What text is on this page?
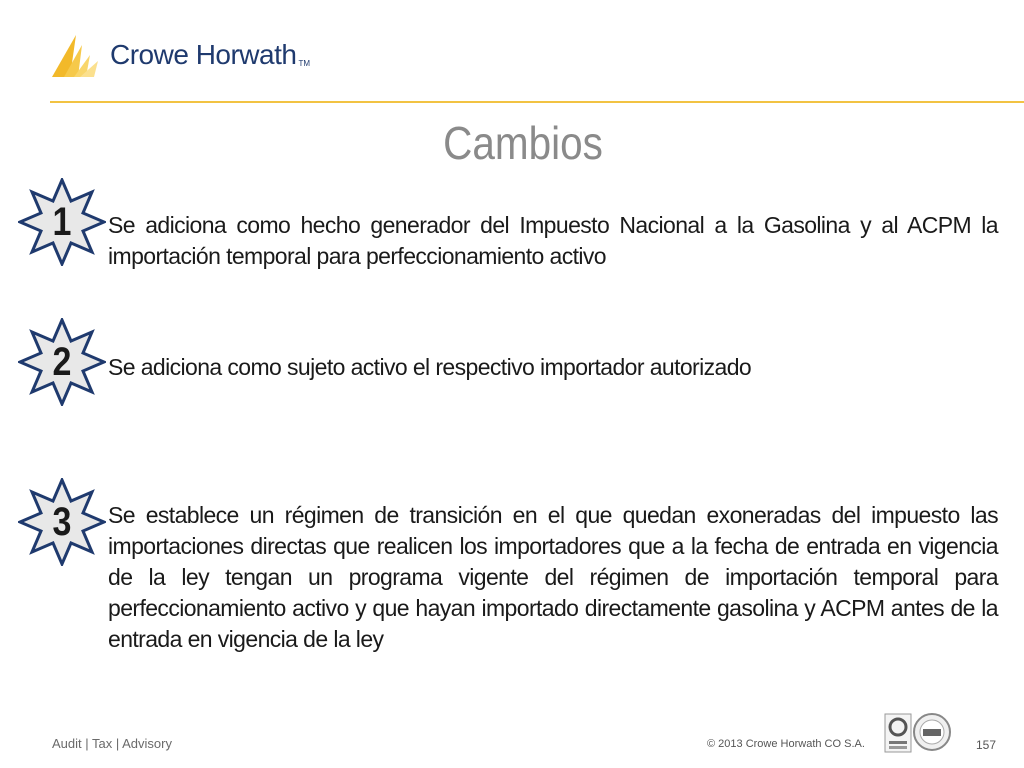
Crowe Horwath TM
Cambios
1	Se adiciona como hecho generador del Impuesto Nacional a la Gasolina y al ACPM la importación temporal para perfeccionamiento activo
2	Se adiciona como sujeto activo el respectivo importador autorizado
3	Se establece un régimen de transición en el que quedan exoneradas del impuesto las importaciones directas que realicen los importadores que a la fecha de entrada en vigencia de la ley tengan un programa vigente del régimen de importación temporal para perfeccionamiento activo y que hayan importado directamente gasolina y ACPM antes de la entrada en vigencia de la ley
Audit | Tax | Advisory	© 2013 Crowe Horwath CO S.A.	157
